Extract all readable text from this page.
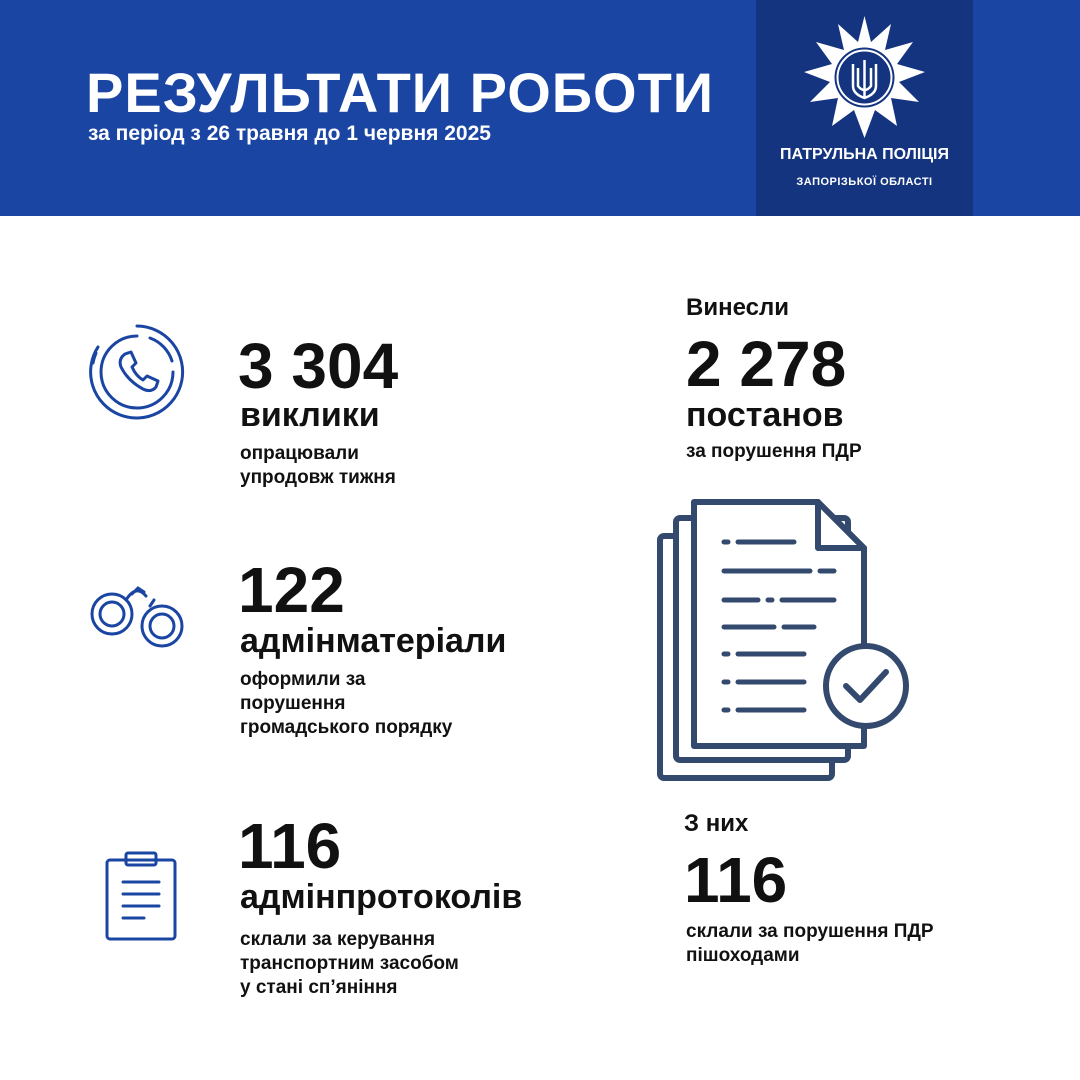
РЕЗУЛЬТАТИ РОБОТИ
за період з 26 травня до 1 червня 2025
ПАТРУЛЬНА ПОЛІЦІЯ
ЗАПОРІЗЬКОЇ ОБЛАСТІ
3 304
виклики
опрацювали
упродовж тижня
122
адмінматеріали
оформили за
порушення
громадського порядку
116
адмінпротоколів
склали за керування
транспортним засобом
у стані сп’яніння
Винесли
2 278
постанов
за порушення ПДР
З них
116
склали за порушення ПДР
пішоходами
